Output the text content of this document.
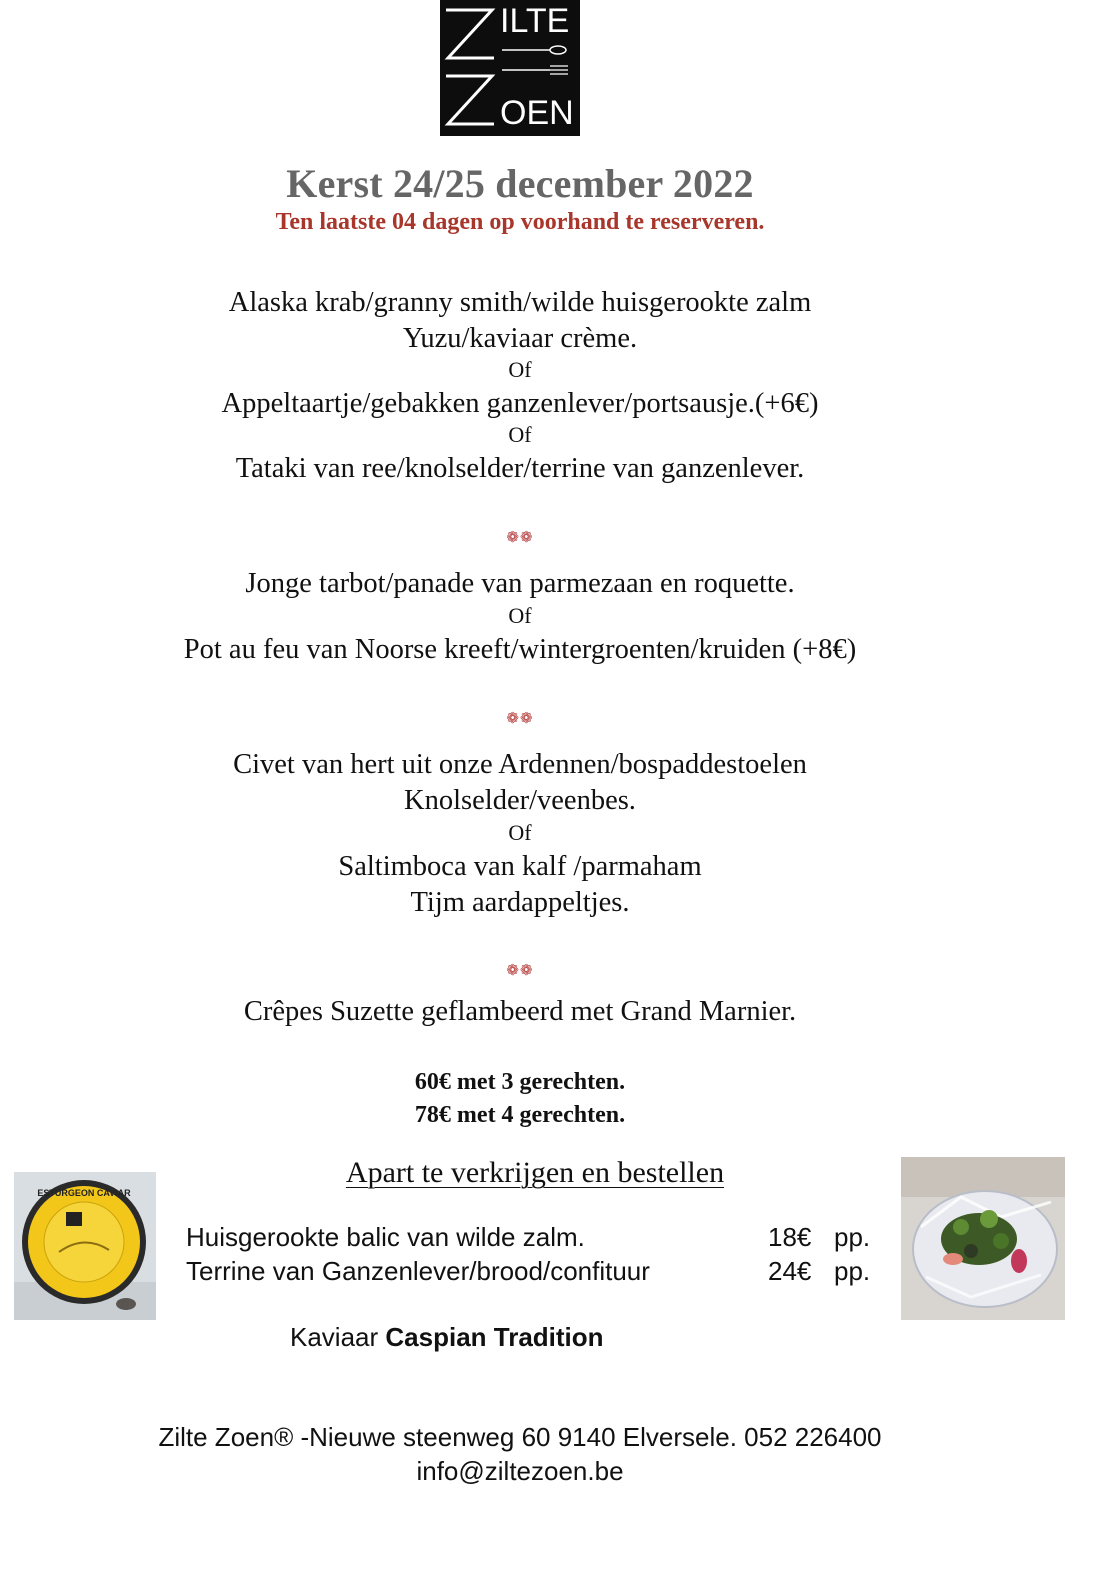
ILTE
OEN
Kerst 24/25 december 2022
Ten laatste 04 dagen op voorhand te reserveren.
Alaska krab/granny smith/wilde huisgerookte zalm
Yuzu/kaviaar crème.
Of
Appeltaartje/gebakken ganzenlever/portsausje.(+6€)
Of
Tataki van ree/knolselder/terrine van ganzenlever.
❁❁
Jonge tarbot/panade van parmezaan en roquette.
Of
Pot au feu van Noorse kreeft/wintergroenten/kruiden (+8€)
❁❁
Civet van hert uit onze Ardennen/bospaddestoelen
Knolselder/veenbes.
Of
Saltimboca van kalf /parmaham
Tijm aardappeltjes.
❁❁
Crêpes Suzette geflambeerd met Grand Marnier.
60€ met 3 gerechten.
78€ met 4 gerechten.
Apart te verkrijgen en bestellen
ESTURGEON CAVIAR
Huisgerookte balic van wilde zalm.	18€ pp.
Terrine van Ganzenlever/brood/confituur	24€ pp.
Kaviaar Caspian Tradition
Zilte Zoen® -Nieuwe steenweg 60 9140 Elversele. 052 226400
info@ziltezoen.be
